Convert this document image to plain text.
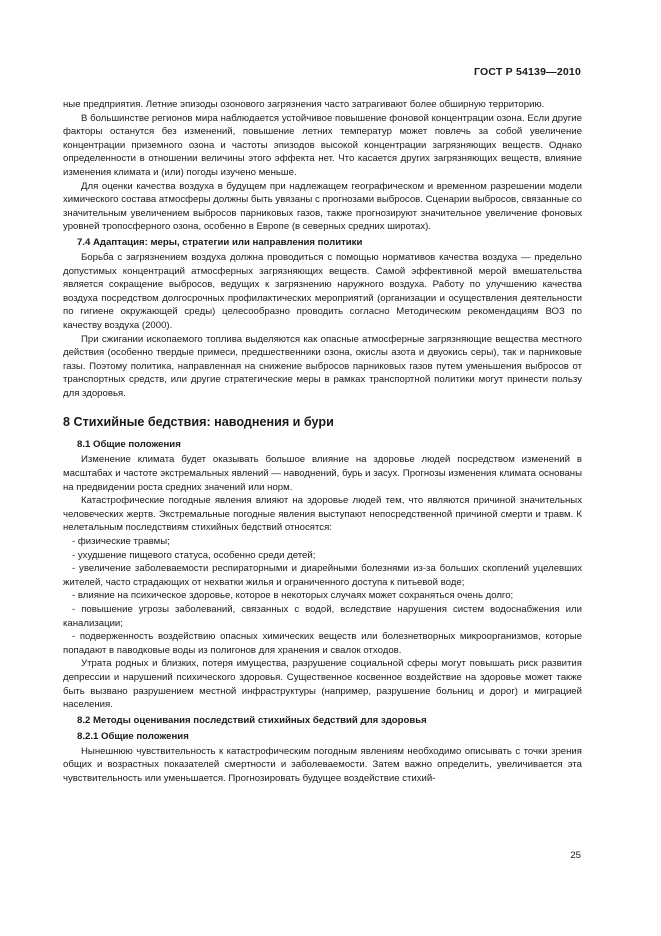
ГОСТ Р 54139—2010

ные предприятия. Летние эпизоды озонового загрязнения часто затрагивают более обширную территорию.

В большинстве регионов мира наблюдается устойчивое повышение фоновой концентрации озона. Если другие факторы останутся без изменений, повышение летних температур может повлечь за собой увеличение концентрации приземного озона и частоты эпизодов высокой концентрации загрязняющих веществ. Однако определенности в отношении величины этого эффекта нет. Что касается других загрязняющих веществ, влияние изменения климата и (или) погоды изучено меньше.

Для оценки качества воздуха в будущем при надлежащем географическом и временном разрешении модели химического состава атмосферы должны быть увязаны с прогнозами выбросов. Сценарии выбросов, связанные со значительным увеличением выбросов парниковых газов, также прогнозируют значительное увеличение фоновых уровней тропосферного озона, особенно в Европе (в северных средних широтах).

7.4 Адаптация: меры, стратегии или направления политики

Борьба с загрязнением воздуха должна проводиться с помощью нормативов качества воздуха — предельно допустимых концентраций атмосферных загрязняющих веществ. Самой эффективной мерой вмешательства является сокращение выбросов, ведущих к загрязнению наружного воздуха. Работу по улучшению качества воздуха посредством долгосрочных профилактических мероприятий (организации и осуществления деятельности по гигиене окружающей среды) целесообразно проводить согласно Методическим рекомендациям ВОЗ по качеству воздуха (2000).

При сжигании ископаемого топлива выделяются как опасные атмосферные загрязняющие вещества местного действия (особенно твердые примеси, предшественники озона, окислы азота и двуокись серы), так и парниковые газы. Поэтому политика, направленная на снижение выбросов парниковых газов путем уменьшения выбросов от транспортных средств, или другие стратегические меры в рамках транспортной политики могут принести пользу для здоровья.

8 Стихийные бедствия: наводнения и бури
8.1 Общие положения

Изменение климата будет оказывать большое влияние на здоровье людей посредством изменений в масштабах и частоте экстремальных явлений — наводнений, бурь и засух. Прогнозы изменения климата основаны на предвидении роста средних значений или норм.

Катастрофические погодные явления влияют на здоровье людей тем, что являются причиной значительных человеческих жертв. Экстремальные погодные явления выступают непосредственной причиной смерти и травм. К нелетальным последствиям стихийных бедствий относятся:

- физические травмы;

- ухудшение пищевого статуса, особенно среди детей;

- увеличение заболеваемости респираторными и диарейными болезнями из-за больших скоплений уцелевших жителей, часто страдающих от нехватки жилья и ограниченного доступа к питьевой воде;

- влияние на психическое здоровье, которое в некоторых случаях может сохраняться очень долго;

- повышение угрозы заболеваний, связанных с водой, вследствие нарушения систем водоснабжения или канализации;

- подверженность воздействию опасных химических веществ или болезнетворных микроорганизмов, которые попадают в паводковые воды из полигонов для хранения и свалок отходов.

Утрата родных и близких, потеря имущества, разрушение социальной сферы могут повышать риск развития депрессии и нарушений психического здоровья. Существенное косвенное воздействие на здоровье может также быть вызвано разрушением местной инфраструктуры (например, разрушение больниц и дорог) и миграцией населения.

8.2 Методы оценивания последствий стихийных бедствий для здоровья
8.2.1 Общие положения

Нынешнюю чувствительность к катастрофическим погодным явлениям необходимо описывать с точки зрения общих и возрастных показателей смертности и заболеваемости. Затем важно определить, увеличивается эта чувствительность или уменьшается. Прогнозировать будущее воздействие стихий-

25
